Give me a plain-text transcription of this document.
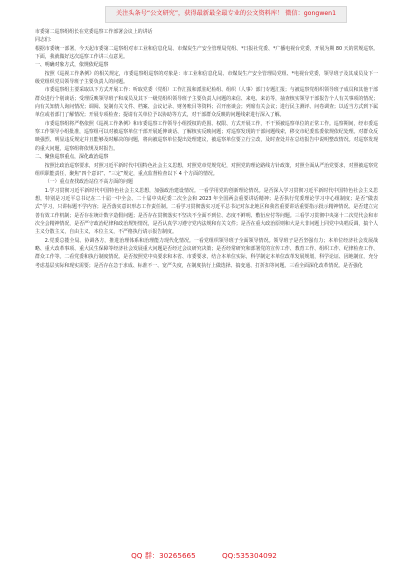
关注头条号“公文研究”，获得最新最全最专业的公文资料库！ 微信：gongwen1

市委第二巡察组组长在党委巡察工作部署会议上的讲话

同志们：

根据市委统一部署，今天起市委第二巡察组对市工业和信息化局、市煤炭生产安全管理局党组、*日报社党委、*广播电视台党委，开展为期 80 天的常规巡察。下面，我就做好这次巡察工作讲三点意见。

一、明确对象方式，依规依纪巡察

按照《巡视工作条例》的相关规定，市委巡察组巡察的对象是：市工业和信息化局、市煤炭生产安全管理局党组、*电视台党委，领导班子及其成员及下一级党组织党员领导班子主要负责人的问题。

市委巡察组主要采取以下方式开展工作：听取党委（党组）工作汇报和派驻纪检组、组织（人事）部门专题汇报；与被巡察党组织领导班子成员和其他干部群众进行个别谈话；受理反映领导班子和成员及其下一级党组织领导班子主要负责人问题的来信、来电、来访等，抽查核实领导干部报告个人有关事项的情况；向有关知情人询问情况；调阅、复制有关文件、档案、会议记录、财务账目等资料；召开座谈会；列席有关会议；进行民主测评、问卷调查；以适当方式到下属单位或者部门了解情况；开展专项检查；提请有关单位予以协助等方式，对干部群众反映的问题线索进行深入了解。

市委巡察组将严格依照《巡视工作条例》和市委巡察工作领导小组授权的范围、权限、方式开展工作，不干预被巡察单位的正常工作。巡察期间，经市委巡察工作领导小组批准，巡察组可以对被巡察单位干部开展延伸谈话、了解核实反映问题；对巡察发现的干部问题线索，移交市纪委监委依规依纪处理。对群众反映强烈、明显违反规定并且能够及时解决的问题，将向被巡察单位提出处理建议，被巡察单位要立行立改，及时查处并在总结报告中说明整改情况。对巡察发现的重大问题，巡察组将依规及时报告。

二、聚焦巡察重点，深化政治巡察

按照比政治巡察要求，对照习近平新时代中国特色社会主义思想，对照党章党规党纪，对照党的理论路线方针政策，对照全面从严治党要求，对照被巡察党组织职能责任，聚焦“四个意识”、“三定”规定，重点监督检查以下 4 个方面的情况。

（一）重点查找政治站位不高方面的问题

1.学习贯彻习近平新时代中国特色社会主义思想，加强政治建设情况。一看学用党的创新理论情况。是否深入学习贯彻习近平新时代中国特色社会主义思想，特别是习近平总书记在二十届一中全会、二十届中央纪委二次全会和 2023 年全国两会重要讲话精神；是否执行党委理论学习中心组制度；是否“做表式”学习，只讲标题不学内容；是否落实意识形态工作责任制。二看学习贯彻落实习近平总书记对东北地区和我省重要讲话重要指示批示精神情况。是否建立完善有效工作机制；是否存在统计数字造假问题；是否存在贯彻落实不坚决不全面不到位、态度不鲜明、敷衍应付等问题。三看学习贯彻中央第十二次党代会和市次全会精神情况，是否严守政治纪律和政治规矩情况，是否认真学习遵守党内法规和有关文件；是否在重大政治原则和大是大非问题上同党中央唱反调，搞个人主义分散主义，自由主义，本位主义，不严格执行请示报告制度。

2.党委总揽全局、协调各方，推进治理体系和治理能力现代化情况。一看党组织领导班子全面领导情况。领导班子是否坚强有力；本单位经济社会发展战略、重大改革事项、重大民生保障等经济社会发展重大问题是否经过会议研究决策；是否经常研究和部署党的宣传工作、教育工作、组织工作、纪律检查工作、群众工作等。二看党委和执行制度情况。是否按照党中央要求和本省、市委要求，结合本单位实际，科学制定本单位改革发展规划，科学论证、因地制宜，充分考虑基层实际和现实需要；是否存在急于求成、标准不一、宽严失度，在制度执行上做选择、搞变通、打折扣等问题。三看全面深化改革情况。是否强化

QQ 群：30265665	QQ:535304092
